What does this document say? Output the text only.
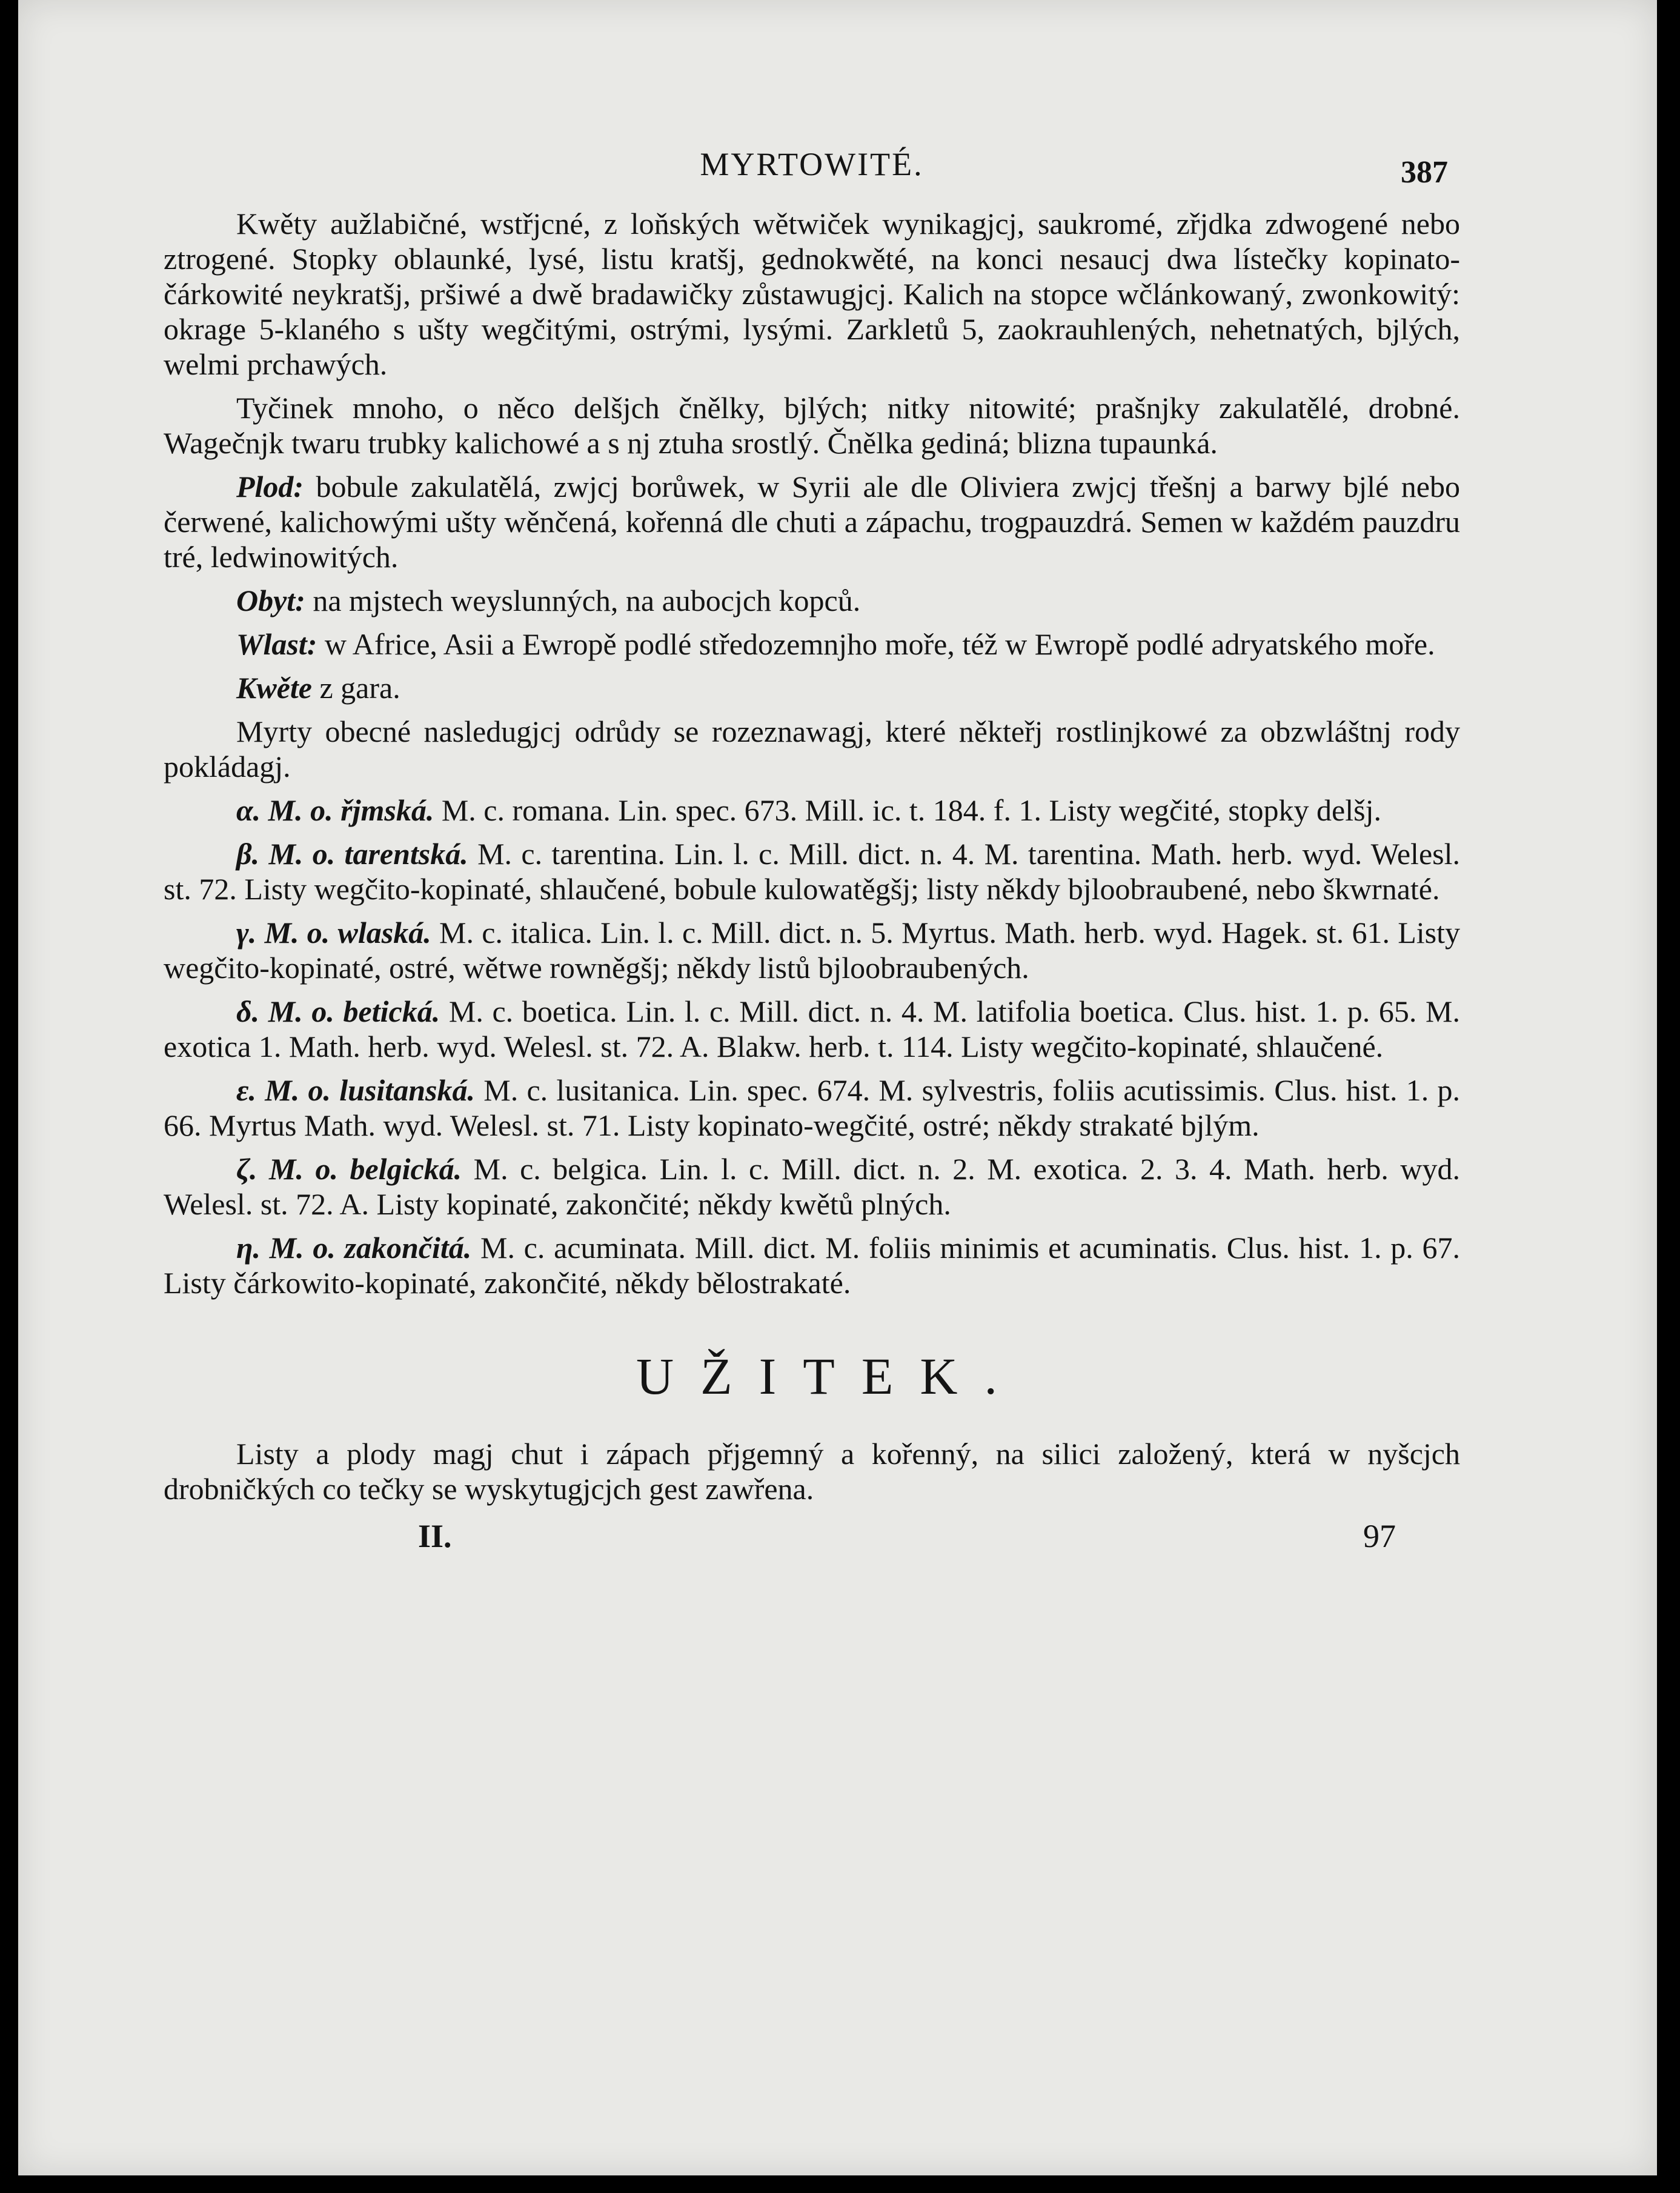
MYRTOWITÉ.	387

Kwěty aužlabičné, wstřjcné, z loňských wětwiček wynikagjcj, saukromé, zřjdka zdwogené nebo ztrogené. Stopky oblaunké, lysé, listu kratšj, gednokwěté, na konci nesaucj dwa lístečky kopinato-čárkowité neykratšj, pršiwé a dwě bradawičky zůstawugjcj. Kalich na stopce wčlánkowaný, zwonkowitý: okrage 5-klaného s ušty wegčitými, ostrými, lysými. Zarkletů 5, zaokrauhlených, nehetnatých, bjlých, welmi prchawých.

Tyčinek mnoho, o něco delšjch čnělky, bjlých; nitky nitowité; prašnjky zakulatělé, drobné. Wagečnjk twaru trubky kalichowé a s nj ztuha srostlý. Čnělka gediná; blizna tupaunká.

Plod: bobule zakulatělá, zwjcj borůwek, w Syrii ale dle Oliviera zwjcj třešnj a barwy bjlé nebo čerwené, kalichowými ušty wěnčená, kořenná dle chuti a zápachu, trogpauzdrá. Semen w každém pauzdru tré, ledwinowitých.

Obyt: na mjstech weyslunných, na aubocjch kopců.

Wlast: w Africe, Asii a Ewropě podlé středozemnjho moře, též w Ewropě podlé adryatského moře.

Kwěte z gara.

Myrty obecné nasledugjcj odrůdy se rozeznawagj, které někteřj rostlinjkowé za obzwláštnj rody pokládagj.

α. M. o. řjmská. M. c. romana. Lin. spec. 673. Mill. ic. t. 184. f. 1. Listy wegčité, stopky delšj.

β. M. o. tarentská. M. c. tarentina. Lin. l. c. Mill. dict. n. 4. M. tarentina. Math. herb. wyd. Welesl. st. 72. Listy wegčito-kopinaté, shlaučené, bobule kulowatěgšj; listy někdy bjloobraubené, nebo škwrnaté.

γ. M. o. wlaská. M. c. italica. Lin. l. c. Mill. dict. n. 5. Myrtus. Math. herb. wyd. Hagek. st. 61. Listy wegčito-kopinaté, ostré, wětwe rowněgšj; někdy listů bjloobraubených.

δ. M. o. betická. M. c. boetica. Lin. l. c. Mill. dict. n. 4. M. latifolia boetica. Clus. hist. 1. p. 65. M. exotica 1. Math. herb. wyd. Welesl. st. 72. A. Blakw. herb. t. 114. Listy wegčito-kopinaté, shlaučené.

ε. M. o. lusitanská. M. c. lusitanica. Lin. spec. 674. M. sylvestris, foliis acutissimis. Clus. hist. 1. p. 66. Myrtus Math. wyd. Welesl. st. 71. Listy kopinato-wegčité, ostré; někdy strakaté bjlým.

ζ. M. o. belgická. M. c. belgica. Lin. l. c. Mill. dict. n. 2. M. exotica. 2. 3. 4. Math. herb. wyd. Welesl. st. 72. A. Listy kopinaté, zakončité; někdy kwětů plných.

η. M. o. zakončitá. M. c. acuminata. Mill. dict. M. foliis minimis et acuminatis. Clus. hist. 1. p. 67. Listy čárkowito-kopinaté, zakončité, někdy bělostrakaté.

UŽITEK.

Listy a plody magj chut i zápach přjgemný a kořenný, na silici založený, která w nyšcjch drobničkých co tečky se wyskytugjcjch gest zawřena.

II.	97
